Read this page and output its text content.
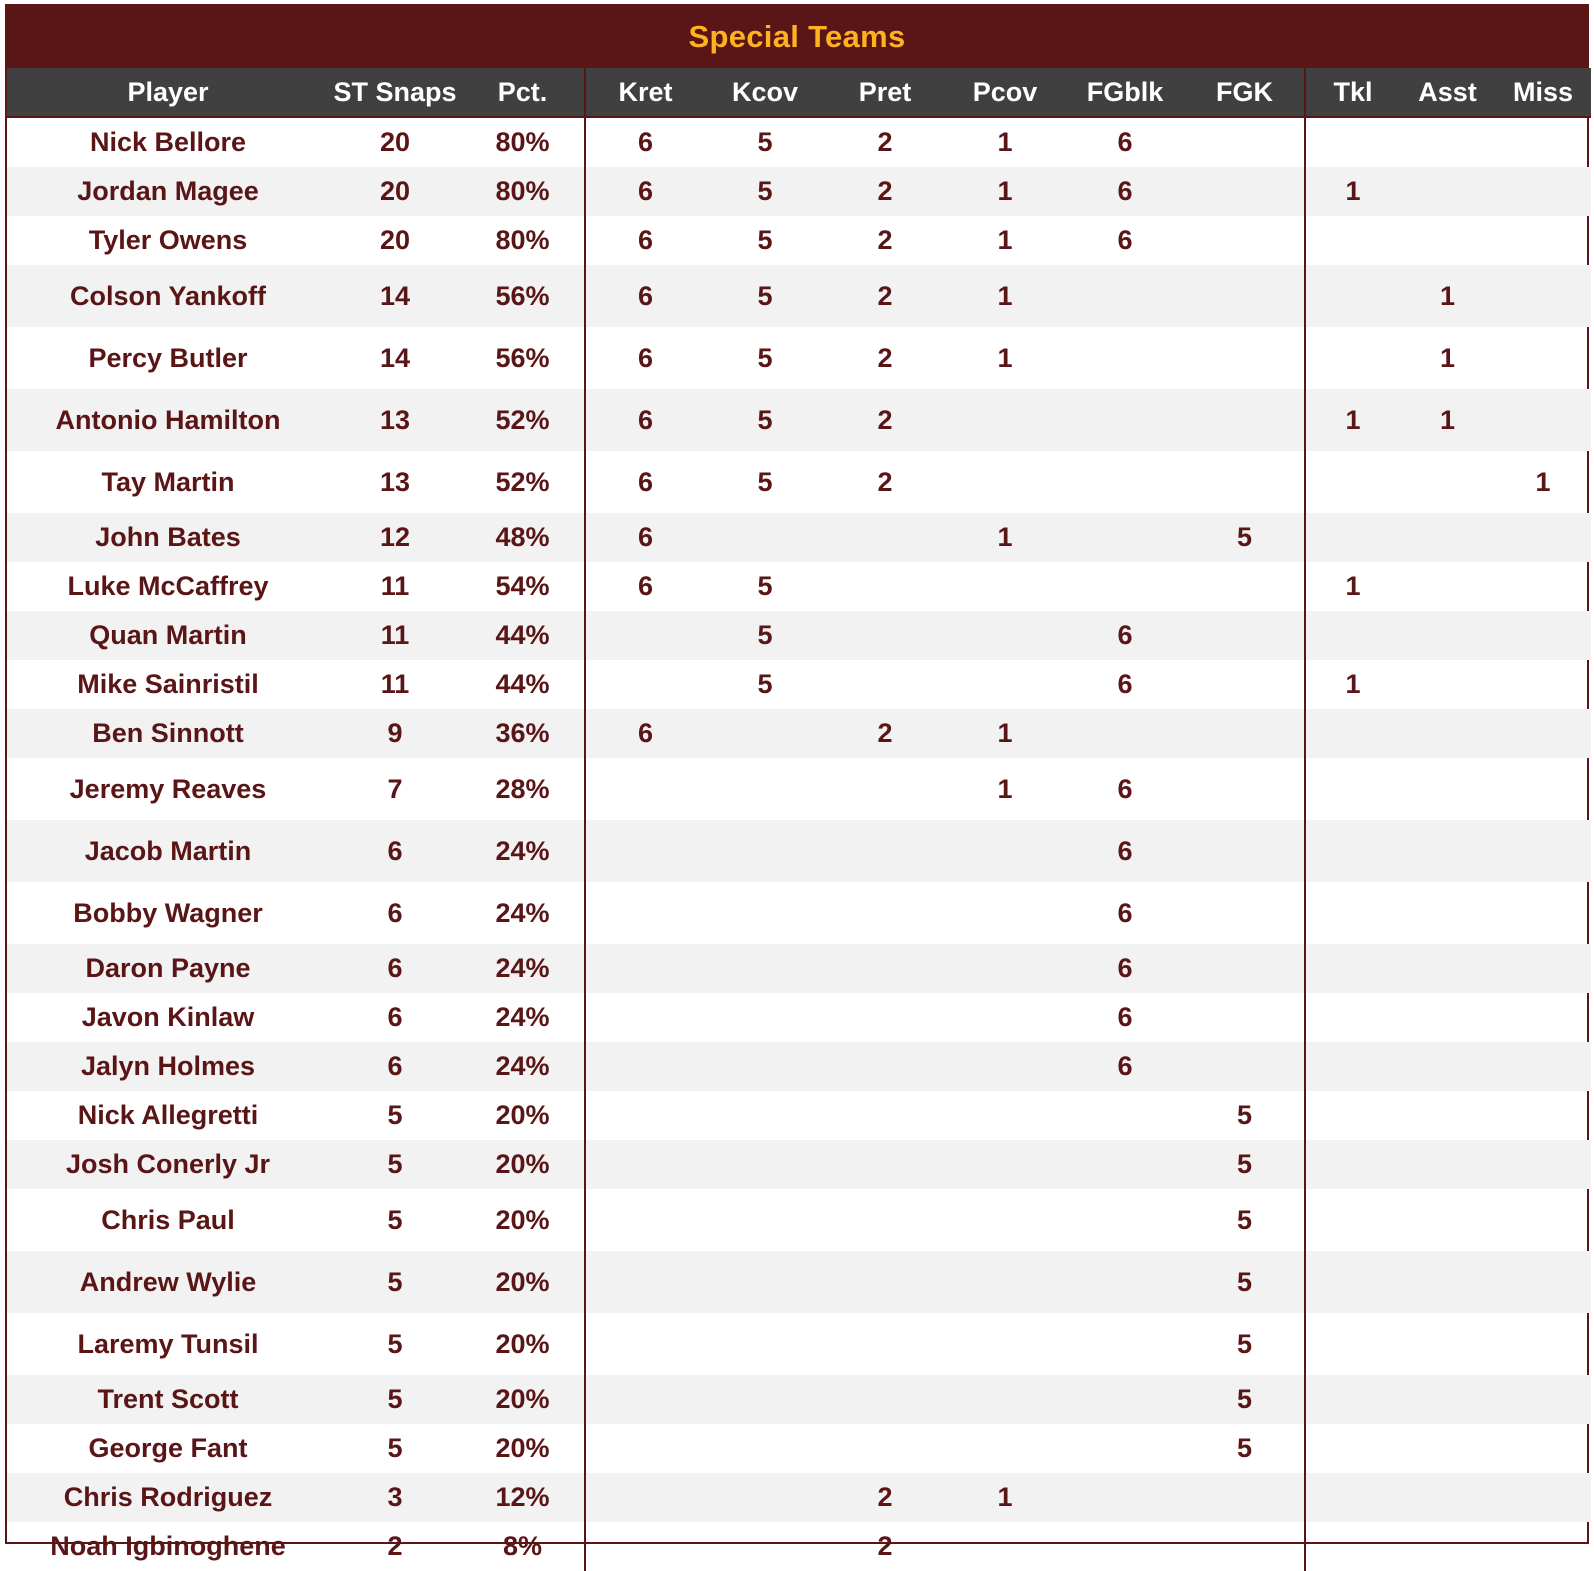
Special Teams
Player	ST Snaps	Pct.	Kret	Kcov	Pret	Pcov	FGblk	FGK	Tkl	Asst	Miss
Nick Bellore	20	80%	6	5	2	1	6				
Jordan Magee	20	80%	6	5	2	1	6		1		
Tyler Owens	20	80%	6	5	2	1	6				
Colson Yankoff	14	56%	6	5	2	1				1	
Percy Butler	14	56%	6	5	2	1				1	
Antonio Hamilton	13	52%	6	5	2				1	1	
Tay Martin	13	52%	6	5	2						1
John Bates	12	48%	6			1		5			
Luke McCaffrey	11	54%	6	5					1		
Quan Martin	11	44%		5			6				
Mike Sainristil	11	44%		5			6		1		
Ben Sinnott	9	36%	6		2	1					
Jeremy Reaves	7	28%				1	6				
Jacob Martin	6	24%					6				
Bobby Wagner	6	24%					6				
Daron Payne	6	24%					6				
Javon Kinlaw	6	24%					6				
Jalyn Holmes	6	24%					6				
Nick Allegretti	5	20%						5			
Josh Conerly Jr	5	20%						5			
Chris Paul	5	20%						5			
Andrew Wylie	5	20%						5			
Laremy Tunsil	5	20%						5			
Trent Scott	5	20%						5			
George Fant	5	20%						5			
Chris Rodriguez	3	12%			2	1					
Noah Igbinoghene	2	8%			2						
